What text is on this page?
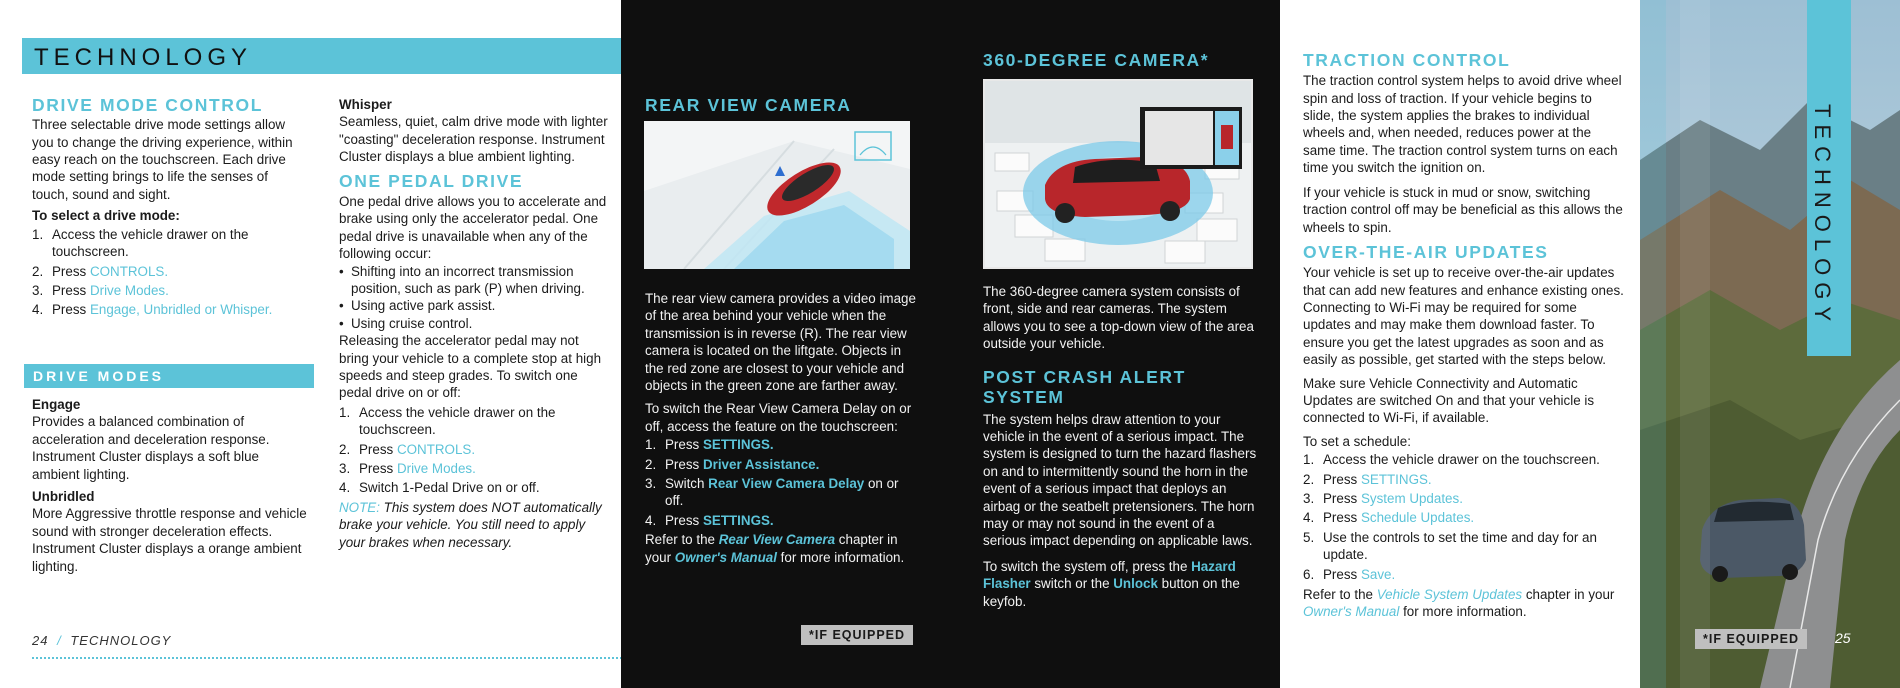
TECHNOLOGY
DRIVE MODE CONTROL
Three selectable drive mode settings allow you to change the driving experience, within easy reach on the touchscreen. Each drive mode setting brings to life the senses of touch, sound and sight.
To select a drive mode:
1. Access the vehicle drawer on the touchscreen.
2. Press CONTROLS.
3. Press Drive Modes.
4. Press Engage, Unbridled or Whisper.
DRIVE MODES
Engage
Provides a balanced combination of acceleration and deceleration response. Instrument Cluster displays a soft blue ambient lighting.
Unbridled
More Aggressive throttle response and vehicle sound with stronger deceleration effects. Instrument Cluster displays a orange ambient lighting.
24 / TECHNOLOGY
Whisper
Seamless, quiet, calm drive mode with lighter "coasting" deceleration response. Instrument Cluster displays a blue ambient lighting.
ONE PEDAL DRIVE
One pedal drive allows you to accelerate and brake using only the accelerator pedal. One pedal drive is unavailable when any of the following occur:
• Shifting into an incorrect transmission position, such as park (P) when driving.
• Using active park assist.
• Using cruise control.
Releasing the accelerator pedal may not bring your vehicle to a complete stop at high speeds and steep grades. To switch one pedal drive on or off:
1. Access the vehicle drawer on the touchscreen.
2. Press CONTROLS.
3. Press Drive Modes.
4. Switch 1-Pedal Drive on or off.
NOTE: This system does NOT automatically brake your vehicle. You still need to apply your brakes when necessary.
REAR VIEW CAMERA
The rear view camera provides a video image of the area behind your vehicle when the transmission is in reverse (R). The rear view camera is located on the liftgate. Objects in the red zone are closest to your vehicle and objects in the green zone are farther away.
To switch the Rear View Camera Delay on or off, access the feature on the touchscreen:
1. Press SETTINGS.
2. Press Driver Assistance.
3. Switch Rear View Camera Delay on or off.
4. Press SETTINGS.
Refer to the Rear View Camera chapter in your Owner's Manual for more information.
*IF EQUIPPED
360-DEGREE CAMERA*
The 360-degree camera system consists of front, side and rear cameras. The system allows you to see a top-down view of the area outside your vehicle.
POST CRASH ALERT SYSTEM
The system helps draw attention to your vehicle in the event of a serious impact. The system is designed to turn the hazard flashers on and to intermittently sound the horn in the event of a serious impact that deploys an airbag or the seatbelt pretensioners. The horn may or may not sound in the event of a serious impact depending on applicable laws.
To switch the system off, press the Hazard Flasher switch or the Unlock button on the keyfob.
TRACTION CONTROL
The traction control system helps to avoid drive wheel spin and loss of traction. If your vehicle begins to slide, the system applies the brakes to individual wheels and, when needed, reduces power at the same time. The traction control system turns on each time you switch the ignition on.
If your vehicle is stuck in mud or snow, switching traction control off may be beneficial as this allows the wheels to spin.
OVER-THE-AIR UPDATES
Your vehicle is set up to receive over-the-air updates that can add new features and enhance existing ones. Connecting to Wi-Fi may be required for some updates and may make them download faster. To ensure you get the latest upgrades as soon and as easily as possible, get started with the steps below.
Make sure Vehicle Connectivity and Automatic Updates are switched On and that your vehicle is connected to Wi-Fi, if available.
To set a schedule:
1. Access the vehicle drawer on the touchscreen.
2. Press SETTINGS.
3. Press System Updates.
4. Press Schedule Updates.
5. Use the controls to set the time and day for an update.
6. Press Save.
Refer to the Vehicle System Updates chapter in your Owner's Manual for more information.
TECHNOLOGY
*IF EQUIPPED	25
